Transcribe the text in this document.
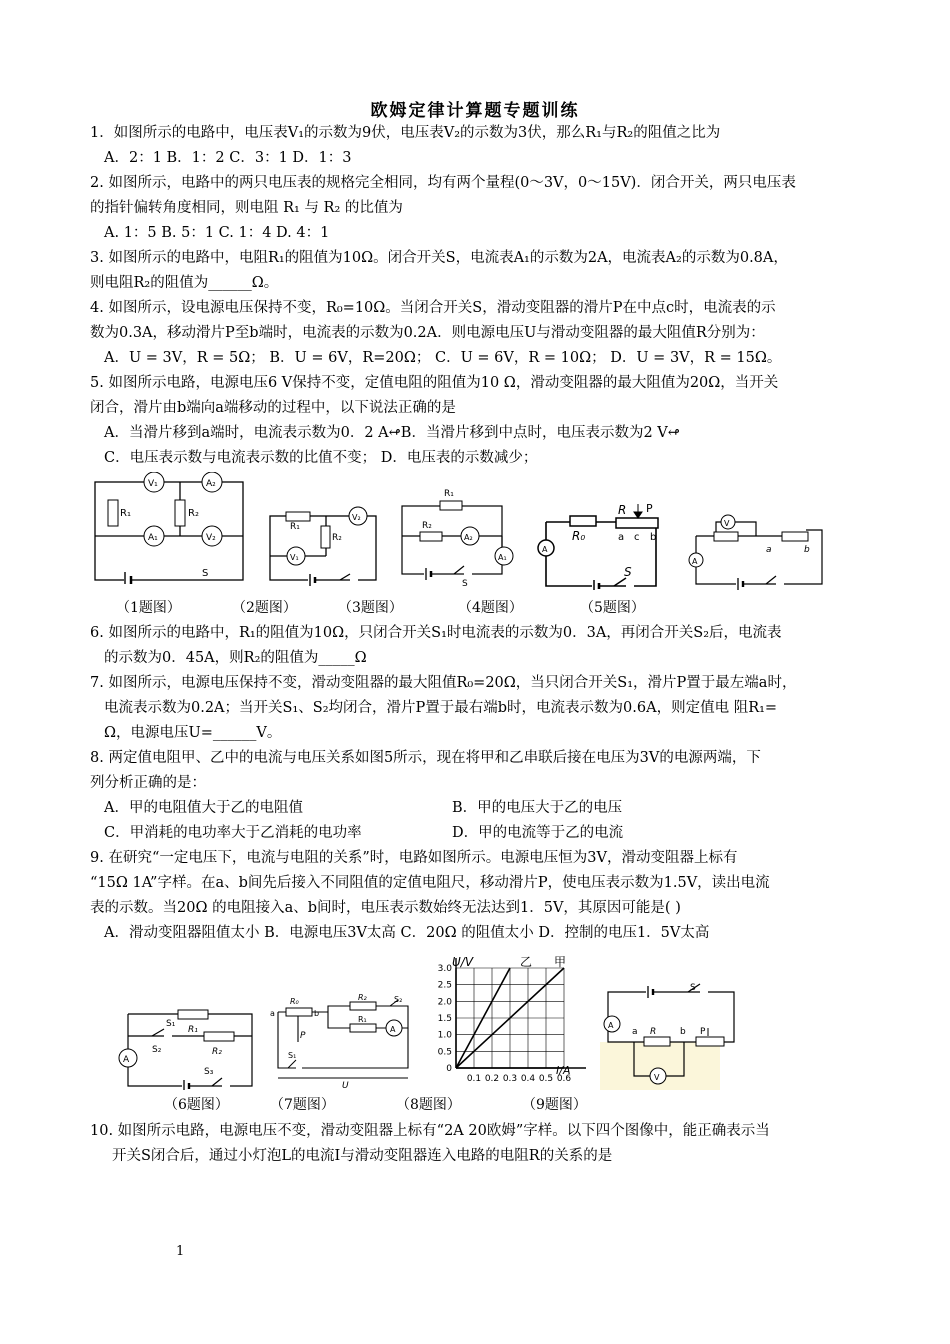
欧姆定律计算题专题训练
1．如图所示的电路中，电压表V₁的示数为9伏，电压表V₂的示数为3伏，那么R₁与R₂的阻值之比为
A．2：1 B．1：2 C．3：1 D．1：3
2. 如图所示，电路中的两只电压表的规格完全相同，均有两个量程(0～3V，0～15V)．闭合开关，两只电压表
的指针偏转角度相同，则电阻 R₁ 与 R₂ 的比值为
A. 1：5 B. 5：1 C. 1：4 D. 4：1
3. 如图所示的电路中，电阻R₁的阻值为10Ω。闭合开关S，电流表A₁的示数为2A，电流表A₂的示数为0.8A，
则电阻R₂的阻值为______Ω。
4. 如图所示，设电源电压保持不变，R₀=10Ω。当闭合开关S，滑动变阻器的滑片P在中点c时，电流表的示
数为0.3A，移动滑片P至b端时，电流表的示数为0.2A．则电源电压U与滑动变阻器的最大阻值R分别为：
A．U = 3V，R = 5Ω； B．U = 6V，R=20Ω； C．U = 6V，R = 10Ω； D．U = 3V，R = 15Ω。
5. 如图所示电路，电源电压6 V保持不变，定值电阻的阻值为10 Ω，滑动变阻器的最大阻值为20Ω，当开关
闭合，滑片由b端向a端移动的过程中，以下说法正确的是
A．当滑片移到a端时，电流表示数为0．2 A↫B．当滑片移到中点时，电压表示数为2 V↫
C．电压表示数与电流表示数的比值不变； D．电压表的示数减少；
V₁	A₂
A₁	V₂
R₁	R₂
S
R₁
R₂
V₂
V₁
R₁
R₂
A₂
A₁
S
A
R₀
R P
a c b
S
V
A
a	b
（1题图）	（2题图）	（3题图）	（4题图）	（5题图）
6. 如图所示的电路中，R₁的阻值为10Ω，只闭合开关S₁时电流表的示数为0．3A，再闭合开关S₂后，电流表
的示数为0．45A，则R₂的阻值为_____Ω
7. 如图所示，电源电压保持不变，滑动变阻器的最大阻值R₀=20Ω，当只闭合开关S₁，滑片P置于最左端a时，
电流表示数为0.2A；当开关S₁、S₂均闭合，滑片P置于最右端b时，电流表示数为0.6A，则定值电 阻R₁=
Ω，电源电压U=______V。
8. 两定值电阻甲、乙中的电流与电压关系如图5所示，现在将甲和乙串联后接在电压为3V的电源两端，下
列分析正确的是：
A．甲的电阻值大于乙的电阻值	B．甲的电压大于乙的电压
C．甲消耗的电功率大于乙消耗的电功率	D．甲的电流等于乙的电流
9. 在研究“一定电压下，电流与电阻的关系”时，电路如图所示。电源电压恒为3V，滑动变阻器上标有
“15Ω 1A”字样。在a、b间先后接入不同阻值的定值电阻尺，移动滑片P，使电压表示数为1.5V，读出电流
表的示数。当20Ω 的电阻接入a、b间时，电压表示数始终无法达到1．5V，其原因可能是( )
A．滑动变阻器阻值太小 B．电源电压3V太高 C．20Ω 的阻值太小 D．控制的电压1．5V太高
A
R₁
R₂
S₂
S₃
S₁
a	b
R₀	R₂
R₁
A
S₂
P
S₁
U
0
0.5
1.0
1.5
2.0
2.5
3.0
0.1 0.2 0.3 0.4 0.5 0.6
U/V
I/A
乙 甲
A
V
R
a	b P
S
（6题图）	（7题图）	（8题图）	（9题图）
10. 如图所示电路，电源电压不变，滑动变阻器上标有“2A 20欧姆”字样。以下四个图像中，能正确表示当
开关S闭合后，通过小灯泡L的电流I与滑动变阻器连入电路的电阻R的关系的是
1
